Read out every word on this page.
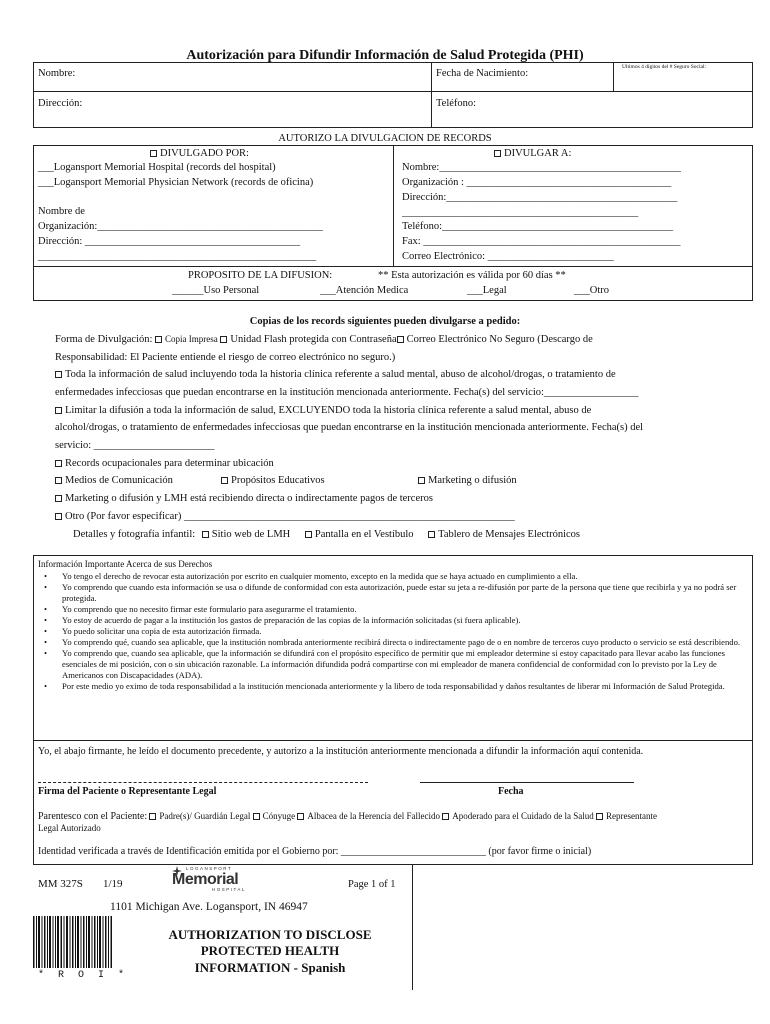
Autorización para Difundir Información de Salud Protegida (PHI)
Nombre:	Fecha de Nacimiento:
Ultimos 4 dígitos del # Seguro Social:
Dirección:	Teléfono:
AUTORIZO LA DIVULGACION DE RECORDS
DIVULGADO POR:
___Logansport Memorial Hospital (records del hospital)
___Logansport Memorial Physician Network (records de oficina)
Nombre de
Organización:___________________________________________
Dirección: _________________________________________
_____________________________________________________
DIVULGAR A:
Nombre:______________________________________________
Organización : _______________________________________
Dirección:____________________________________________
_____________________________________________
Teléfono:____________________________________________
Fax: _________________________________________________
Correo Electrónico: ________________________
PROPOSITO DE LA DIFUSION:	** Esta autorización es válida por 60 días **
______Uso Personal	___Atención Medica	___Legal	___Otro
Copias de los records siguientes pueden divulgarse a pedido:
Forma de Divulgación: Copia Impresa Unidad Flash protegida con Contraseña Correo Electrónico No Seguro (Descargo de
Responsabilidad: El Paciente entiende el riesgo de correo electrónico no seguro.)
Toda la información de salud incluyendo toda la historia clínica referente a salud mental, abuso de alcohol/drogas, o tratamiento de
enfermedades infecciosas que puedan encontrarse en la institución mencionada anteriormente. Fecha(s) del servicio:__________________
Limitar la difusión a toda la información de salud, EXCLUYENDO toda la historia clínica referente a salud mental, abuso de
alcohol/drogas, o tratamiento de enfermedades infecciosas que puedan encontrarse en la institución mencionada anteriormente. Fecha(s) del
servicio: _______________________
Records ocupacionales para determinar ubicación
Medios de Comunicación	Propósitos Educativos	Marketing o difusión
Marketing o difusión y LMH está recibiendo directa o indirectamente pagos de terceros
Otro (Por favor especificar) _______________________________________________________________
Detalles y fotografía infantil: Sitio web de LMH Pantalla en el Vestíbulo Tablero de Mensajes Electrónicos
Información Importante Acerca de sus Derechos
• Yo tengo el derecho de revocar esta autorización por escrito en cualquier momento, excepto en la medida que se haya actuado en cumplimiento a ella.
• Yo comprendo que cuando esta información se usa o difunde de conformidad con esta autorización, puede estar su jeta a re-difusión por parte de la persona que tiene que recibirla y ya no podrá ser protegida.
• Yo comprendo que no necesito firmar este formulario para asegurarme el tratamiento.
• Yo estoy de acuerdo de pagar a la institución los gastos de preparación de las copias de la información solicitadas (si fuera aplicable).
• Yo puedo solicitar una copia de esta autorización firmada.
• Yo comprendo qué, cuando sea aplicable, que la institución nombrada anteriormente recibirá directa o indirectamente pago de o en nombre de terceros cuyo producto o servicio se está describiendo.
• Yo comprendo que, cuando sea aplicable, que la información se difundirá con el propósito específico de permitir que mi empleador determine si estoy capacitado para llevar acabo las funciones esenciales de mi posición, con o sin ubicación razonable. La información difundida podrá compartirse con mi empleador de manera confidencial de conformidad con lo previsto por la Ley de Americanos con Discapacidades (ADA).
• Por este medio yo eximo de toda responsabilidad a la institución mencionada anteriormente y la libero de toda responsabilidad y daños resultantes de liberar mi Información de Salud Protegida.
Yo, el abajo firmante, he leído el documento precedente, y autorizo a la institución anteriormente mencionada a difundir la información aquí contenida.
Firma del Paciente o Representante Legal	Fecha
Parentesco con el Paciente: Padre(s)/ Guardián Legal Cónyuge Albacea de la Herencia del Fallecido Apoderado para el Cuidado de la Salud Representante
Legal Autorizado
Identidad verificada a través de Identificación emitida por el Gobierno por: _____________________________ (por favor firme o inicial)
MM 327S 1/19
LOGANSPORT
Memorial
HOSPITAL	Page 1 of 1
1101 Michigan Ave. Logansport, IN 46947
* R O I *
AUTHORIZATION TO DISCLOSE
PROTECTED HEALTH
INFORMATION - Spanish
